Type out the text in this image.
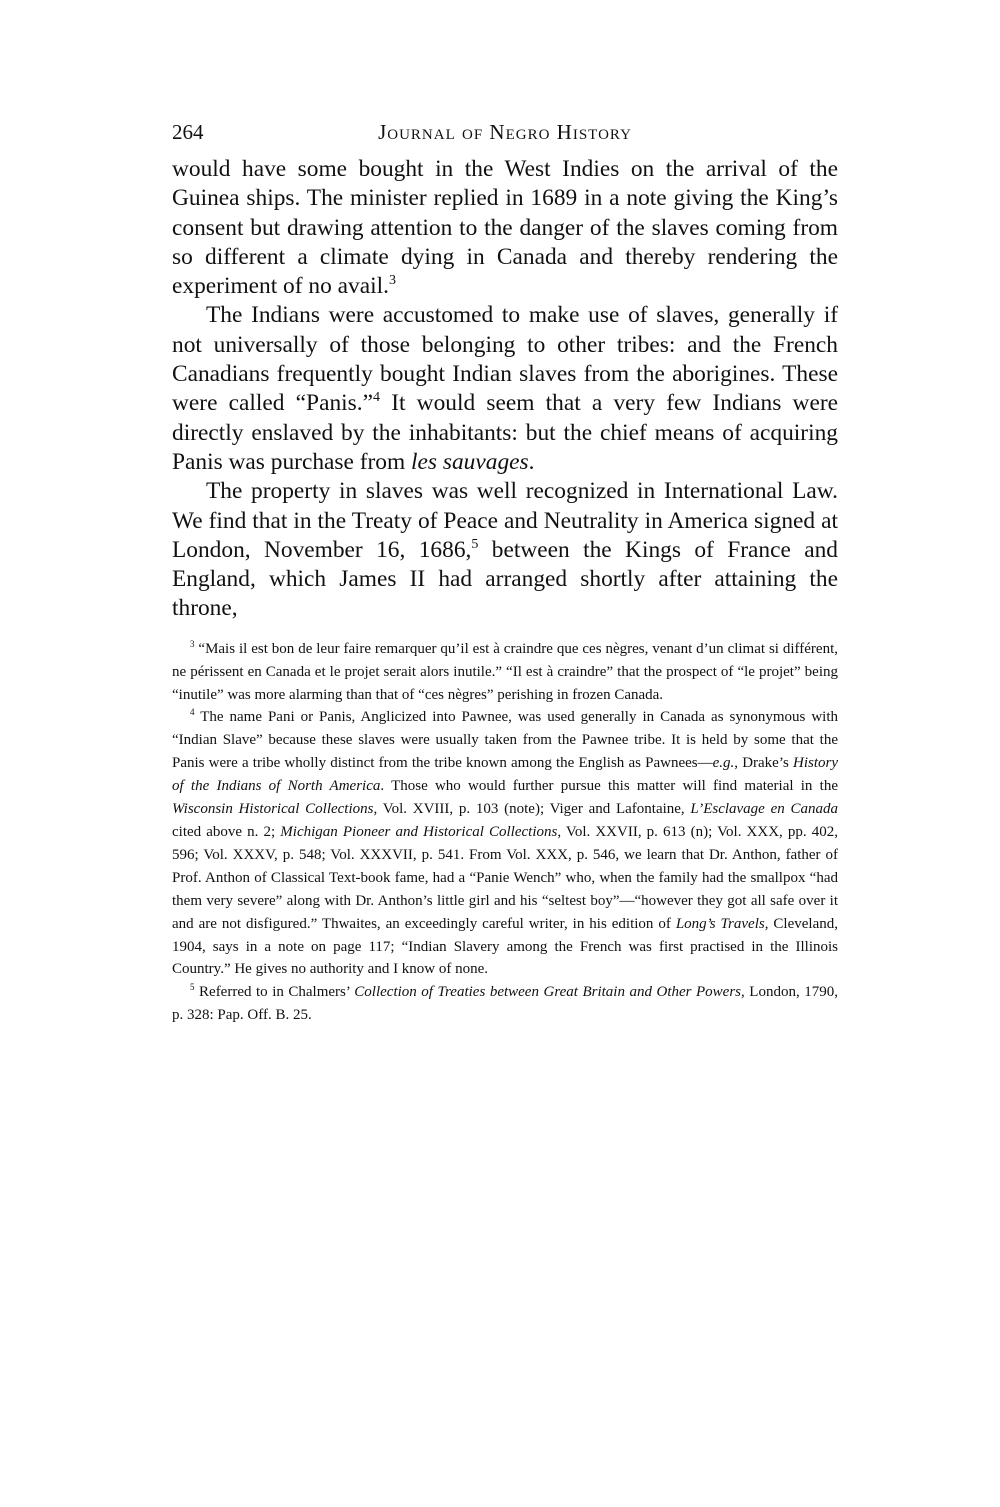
264	Journal of Negro History

would have some bought in the West Indies on the arrival of the Guinea ships. The minister replied in 1689 in a note giving the King’s consent but drawing attention to the danger of the slaves coming from so different a climate dying in Canada and thereby rendering the experiment of no avail.$^3$

The Indians were accustomed to make use of slaves, generally if not universally of those belonging to other tribes: and the French Canadians frequently bought Indian slaves from the aborigines. These were called “Panis.”$^4$ It would seem that a very few Indians were directly enslaved by the inhabitants: but the chief means of acquiring Panis was purchase from les sauvages.

The property in slaves was well recognized in International Law. We find that in the Treaty of Peace and Neutrality in America signed at London, November 16, 1686,$^5$ between the Kings of France and England, which James II had arranged shortly after attaining the throne,

$^3$ “Mais il est bon de leur faire remarquer qu’il est à craindre que ces nègres, venant d’un climat si différent, ne périssent en Canada et le projet serait alors inutile.” “Il est à craindre” that the prospect of “le projet” being “inutile” was more alarming than that of “ces nègres” perishing in frozen Canada.

$^4$ The name Pani or Panis, Anglicized into Pawnee, was used generally in Canada as synonymous with “Indian Slave” because these slaves were usually taken from the Pawnee tribe. It is held by some that the Panis were a tribe wholly distinct from the tribe known among the English as Pawnees—e.g., Drake’s History of the Indians of North America. Those who would further pursue this matter will find material in the Wisconsin Historical Collections, Vol. XVIII, p. 103 (note); Viger and Lafontaine, L’Esclavage en Canada cited above n. 2; Michigan Pioneer and Historical Collections, Vol. XXVII, p. 613 (n); Vol. XXX, pp. 402, 596; Vol. XXXV, p. 548; Vol. XXXVII, p. 541. From Vol. XXX, p. 546, we learn that Dr. Anthon, father of Prof. Anthon of Classical Text-book fame, had a “Panie Wench” who, when the family had the smallpox “had them very severe” along with Dr. Anthon’s little girl and his “seltest boy”—“however they got all safe over it and are not disfigured.” Thwaites, an exceedingly careful writer, in his edition of Long’s Travels, Cleveland, 1904, says in a note on page 117; “Indian Slavery among the French was first practised in the Illinois Country.” He gives no authority and I know of none.

$^5$ Referred to in Chalmers’ Collection of Treaties between Great Britain and Other Powers, London, 1790, p. 328: Pap. Off. B. 25.
